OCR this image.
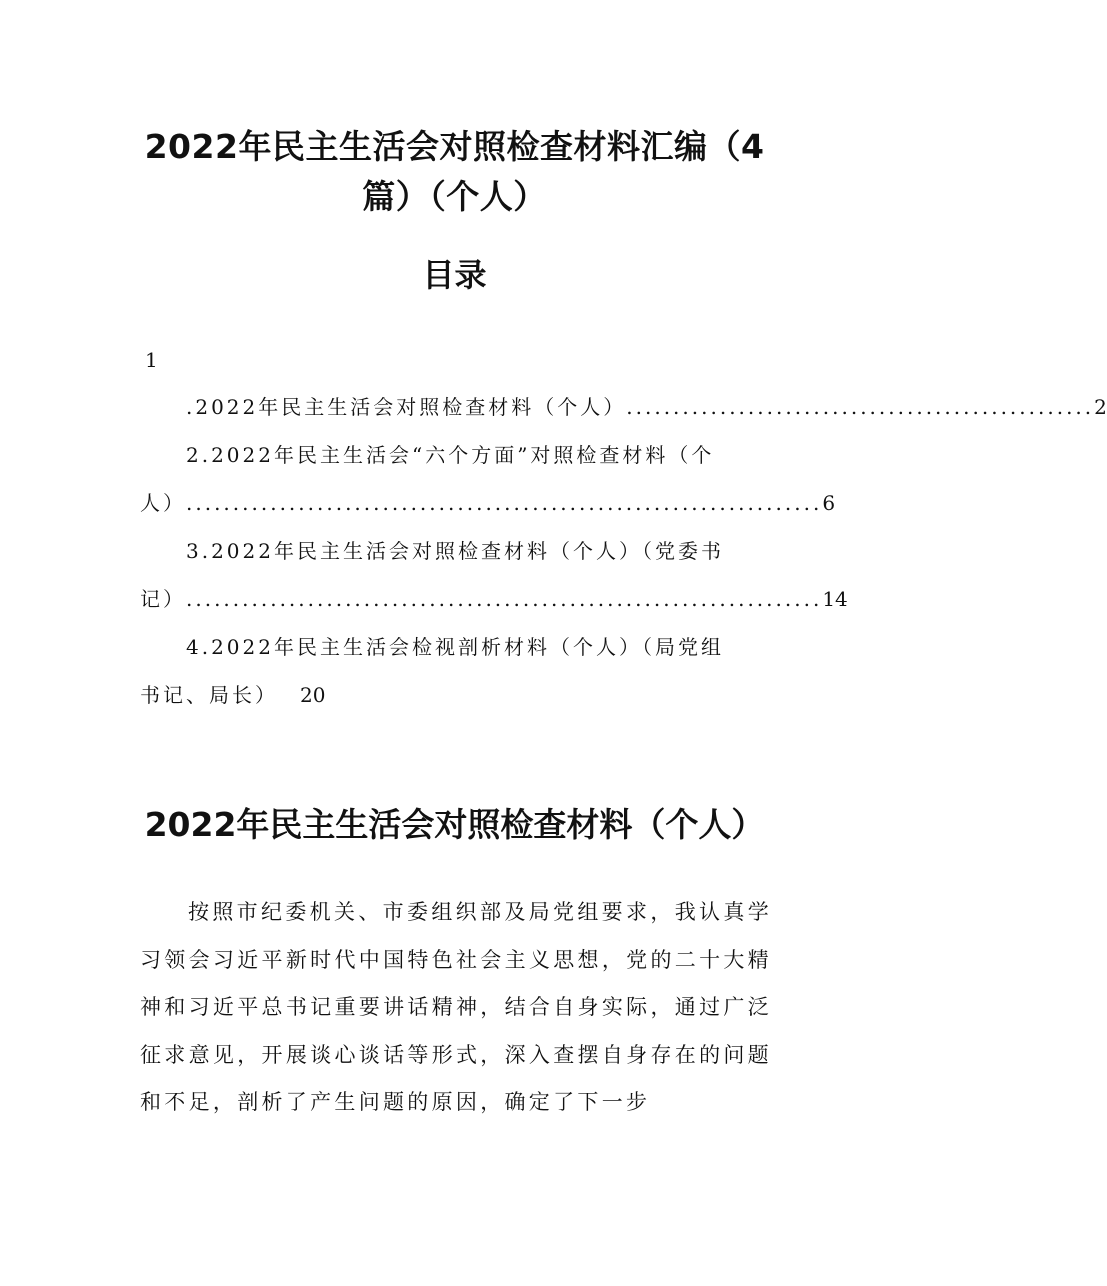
2022年民主生活会对照检查材料汇编（4篇）（个人）
目录
1
.2022年民主生活会对照检查材料（个人） .................................................. 2
2.2022年民主生活会“六个方面”对照检查材料（个
人） .................................................................... 6
3.2022年民主生活会对照检查材料（个人）（党委书
记） .................................................................... 14
4.2022年民主生活会检视剖析材料（个人）（局党组
书记、局长） 20
2022年民主生活会对照检查材料（个人）
按照市纪委机关、市委组织部及局党组要求，我认真学习领会习近平新时代中国特色社会主义思想，党的二十大精神和习近平总书记重要讲话精神，结合自身实际，通过广泛征求意见，开展谈心谈话等形式，深入查摆自身存在的问题和不足，剖析了产生问题的原因，确定了下一步
